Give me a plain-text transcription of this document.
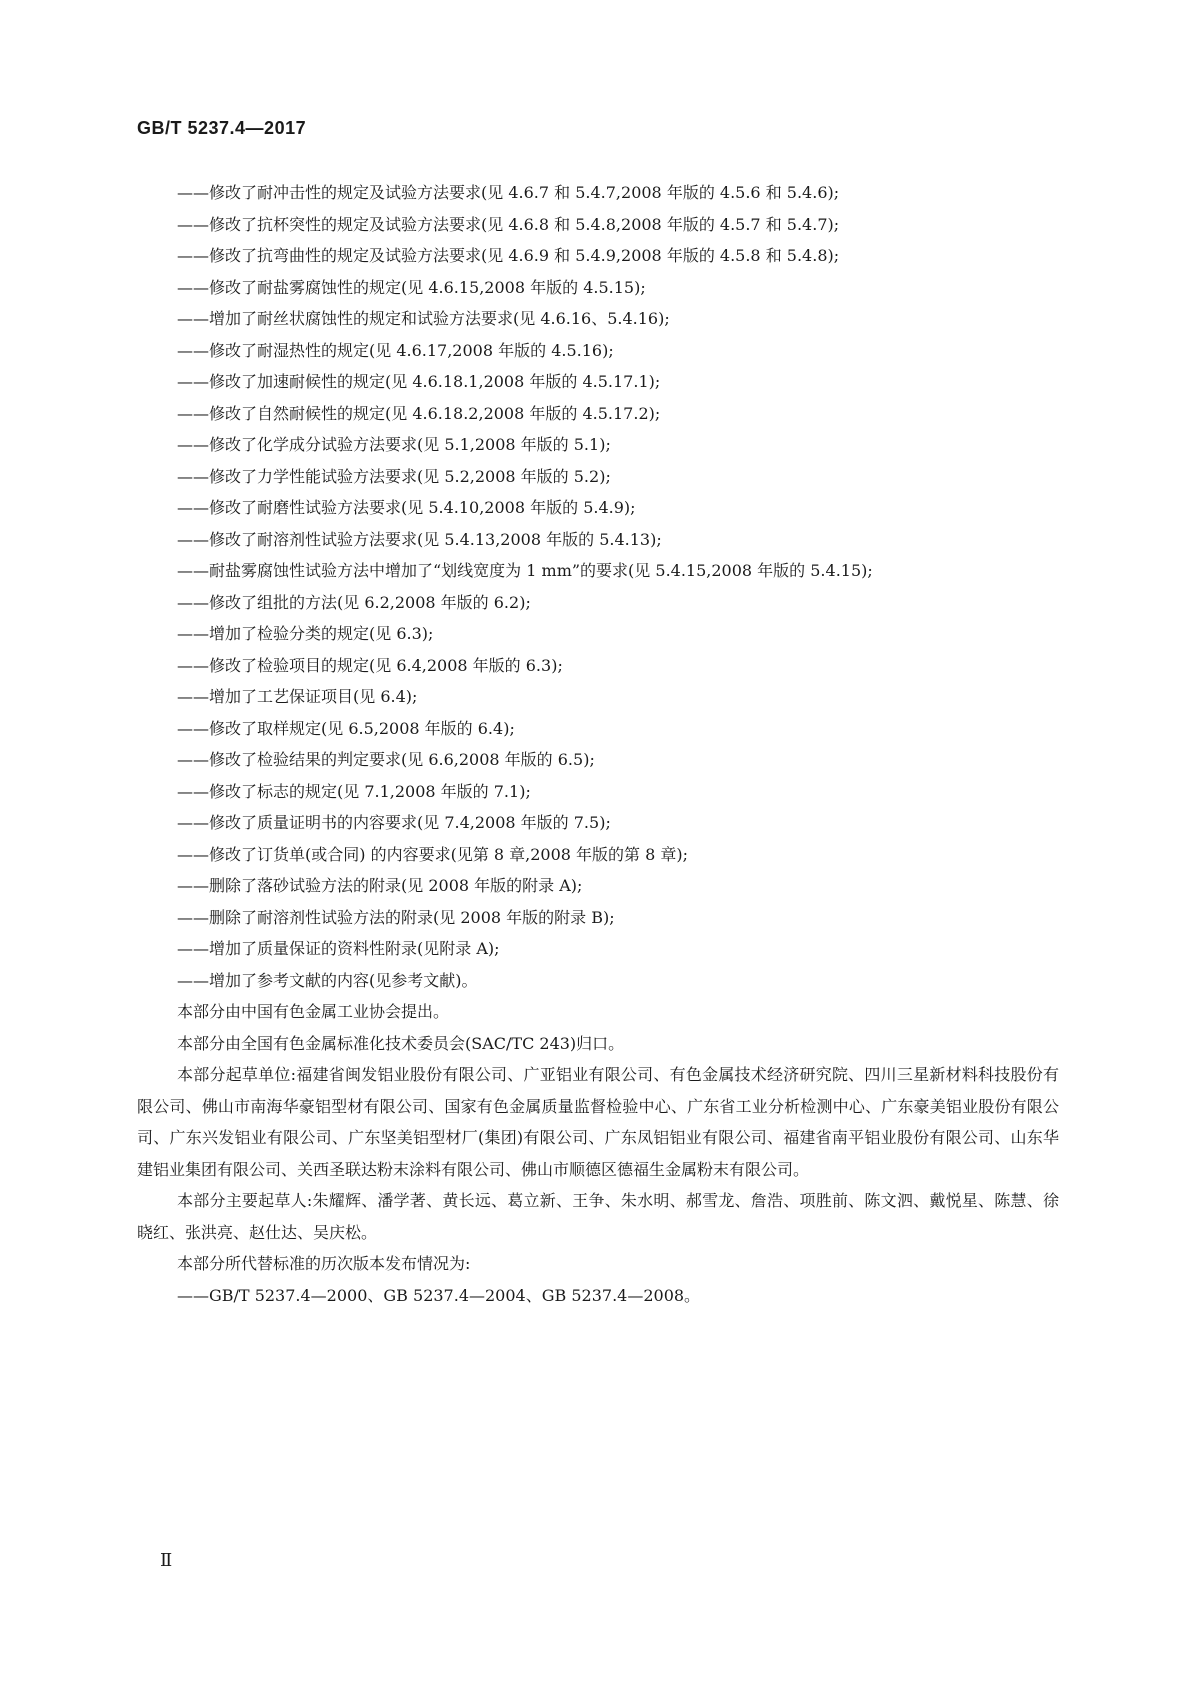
GB/T 5237.4—2017
——修改了耐冲击性的规定及试验方法要求(见 4.6.7 和 5.4.7,2008 年版的 4.5.6 和 5.4.6);
——修改了抗杯突性的规定及试验方法要求(见 4.6.8 和 5.4.8,2008 年版的 4.5.7 和 5.4.7);
——修改了抗弯曲性的规定及试验方法要求(见 4.6.9 和 5.4.9,2008 年版的 4.5.8 和 5.4.8);
——修改了耐盐雾腐蚀性的规定(见 4.6.15,2008 年版的 4.5.15);
——增加了耐丝状腐蚀性的规定和试验方法要求(见 4.6.16、5.4.16);
——修改了耐湿热性的规定(见 4.6.17,2008 年版的 4.5.16);
——修改了加速耐候性的规定(见 4.6.18.1,2008 年版的 4.5.17.1);
——修改了自然耐候性的规定(见 4.6.18.2,2008 年版的 4.5.17.2);
——修改了化学成分试验方法要求(见 5.1,2008 年版的 5.1);
——修改了力学性能试验方法要求(见 5.2,2008 年版的 5.2);
——修改了耐磨性试验方法要求(见 5.4.10,2008 年版的 5.4.9);
——修改了耐溶剂性试验方法要求(见 5.4.13,2008 年版的 5.4.13);
——耐盐雾腐蚀性试验方法中增加了“划线宽度为 1 mm”的要求(见 5.4.15,2008 年版的 5.4.15);
——修改了组批的方法(见 6.2,2008 年版的 6.2);
——增加了检验分类的规定(见 6.3);
——修改了检验项目的规定(见 6.4,2008 年版的 6.3);
——增加了工艺保证项目(见 6.4);
——修改了取样规定(见 6.5,2008 年版的 6.4);
——修改了检验结果的判定要求(见 6.6,2008 年版的 6.5);
——修改了标志的规定(见 7.1,2008 年版的 7.1);
——修改了质量证明书的内容要求(见 7.4,2008 年版的 7.5);
——修改了订货单(或合同) 的内容要求(见第 8 章,2008 年版的第 8 章);
——删除了落砂试验方法的附录(见 2008 年版的附录 A);
——删除了耐溶剂性试验方法的附录(见 2008 年版的附录 B);
——增加了质量保证的资料性附录(见附录 A);
——增加了参考文献的内容(见参考文献)。
本部分由中国有色金属工业协会提出。
本部分由全国有色金属标准化技术委员会(SAC/TC 243)归口。
本部分起草单位:福建省闽发铝业股份有限公司、广亚铝业有限公司、有色金属技术经济研究院、四川三星新材料科技股份有限公司、佛山市南海华豪铝型材有限公司、国家有色金属质量监督检验中心、广东省工业分析检测中心、广东豪美铝业股份有限公司、广东兴发铝业有限公司、广东坚美铝型材厂(集团)有限公司、广东凤铝铝业有限公司、福建省南平铝业股份有限公司、山东华建铝业集团有限公司、关西圣联达粉末涂料有限公司、佛山市顺德区德福生金属粉末有限公司。
本部分主要起草人:朱耀辉、潘学著、黄长远、葛立新、王争、朱水明、郝雪龙、詹浩、项胜前、陈文泗、戴悦星、陈慧、徐晓红、张洪亮、赵仕达、吴庆松。
本部分所代替标准的历次版本发布情况为:
——GB/T 5237.4—2000、GB 5237.4—2004、GB 5237.4—2008。
Ⅱ
